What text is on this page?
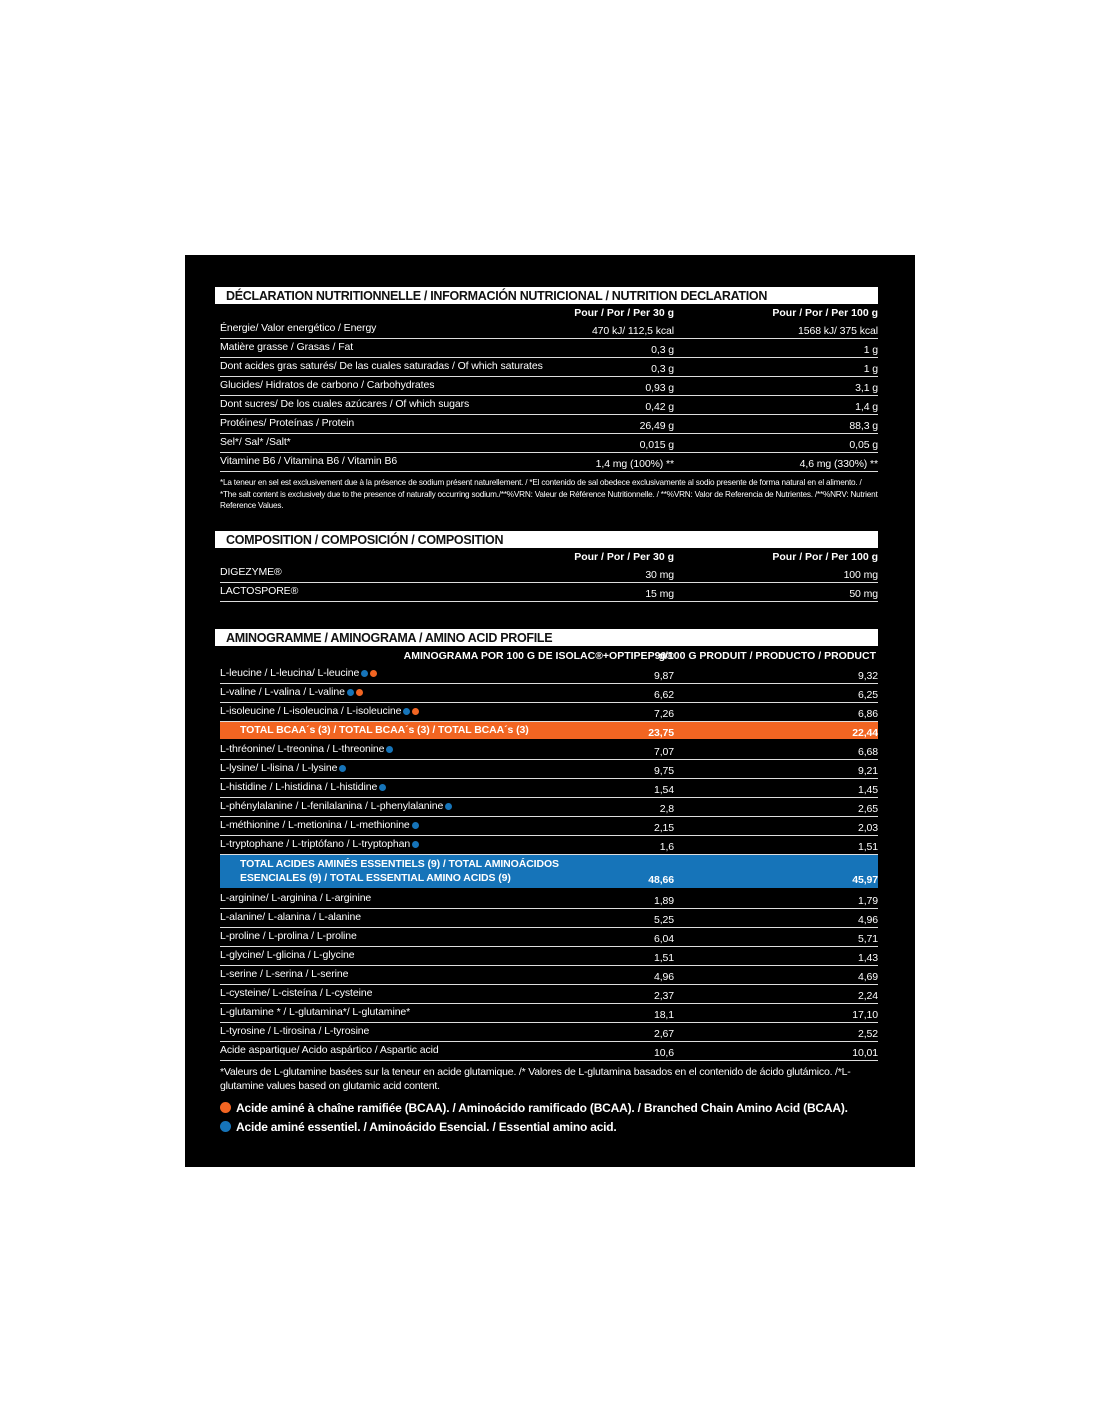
DÉCLARATION NUTRITIONNELLE / INFORMACIÓN NUTRICIONAL / NUTRITION DECLARATION
Pour / Por / Per 30 g	Pour / Por / Per 100 g
Énergie/ Valor energético / Energy	470 kJ/ 112,5 kcal	1568 kJ/ 375 kcal
Matière grasse / Grasas / Fat	0,3 g	1 g
Dont acides gras saturés/ De las cuales saturadas / Of which saturates	0,3 g	1 g
Glucides/ Hidratos de carbono / Carbohydrates	0,93 g	3,1 g
Dont sucres/ De los cuales azúcares / Of which sugars	0,42 g	1,4 g
Protéines/ Proteínas / Protein	26,49 g	88,3 g
Sel*/ Sal* /Salt*	0,015 g	0,05 g
Vitamine B6 / Vitamina B6 / Vitamin B6	1,4 mg (100%) **	4,6 mg (330%) **
*La teneur en sel est exclusivement due à la présence de sodium présent naturellement. / *El contenido de sal obedece exclusivamente al sodio presente de forma natural en el alimento. / *The salt content is exclusively due to the presence of naturally occurring sodium./**%VRN: Valeur de Référence Nutritionnelle. / **%VRN: Valor de Referencia de Nutrientes. /**%NRV: Nutrient Reference Values.
COMPOSITION / COMPOSICIÓN / COMPOSITION
Pour / Por / Per 30 g	Pour / Por / Per 100 g
DIGEZYME®	30 mg	100 mg
LACTOSPORE®	15 mg	50 mg
AMINOGRAMME / AMINOGRAMA / AMINO ACID PROFILE
AMINOGRAMA POR 100 G DE ISOLAC®+OPTIPEP90®
g/100 G PRODUIT / PRODUCTO / PRODUCT
L-leucine / L-leucina/ L-leucine	9,87	9,32
L-valine / L-valina / L-valine	6,62	6,25
L-isoleucine / L-isoleucina / L-isoleucine	7,26	6,86
TOTAL BCAA´s (3) / TOTAL BCAA´s (3) / TOTAL BCAA´s (3)	23,75	22,44
L-thréonine/ L-treonina / L-threonine	7,07	6,68
L-lysine/ L-lisina / L-lysine	9,75	9,21
L-histidine / L-histidina / L-histidine	1,54	1,45
L-phénylalanine / L-fenilalanina / L-phenylalanine	2,8	2,65
L-méthionine / L-metionina / L-methionine	2,15	2,03
L-tryptophane / L-triptófano / L-tryptophan	1,6	1,51
TOTAL ACIDES AMINÉS ESSENTIELS (9) / TOTAL AMINOÁCIDOS ESENCIALES (9) / TOTAL ESSENTIAL AMINO ACIDS (9)	48,66	45,97
L-arginine/ L-arginina / L-arginine	1,89	1,79
L-alanine/ L-alanina / L-alanine	5,25	4,96
L-proline / L-prolina / L-proline	6,04	5,71
L-glycine/ L-glicina / L-glycine	1,51	1,43
L-serine / L-serina / L-serine	4,96	4,69
L-cysteine/ L-cisteína / L-cysteine	2,37	2,24
L-glutamine * / L-glutamina*/ L-glutamine*	18,1	17,10
L-tyrosine / L-tirosina / L-tyrosine	2,67	2,52
Acide aspartique/ Acido aspártico / Aspartic acid	10,6	10,01
*Valeurs de L-glutamine basées sur la teneur en acide glutamique. /* Valores de L-glutamina basados en el contenido de ácido glutámico. /*L-glutamine values based on glutamic acid content.
Acide aminé à chaîne ramifiée (BCAA). / Aminoácido ramificado (BCAA). / Branched Chain Amino Acid (BCAA).
Acide aminé essentiel. / Aminoácido Esencial. / Essential amino acid.
